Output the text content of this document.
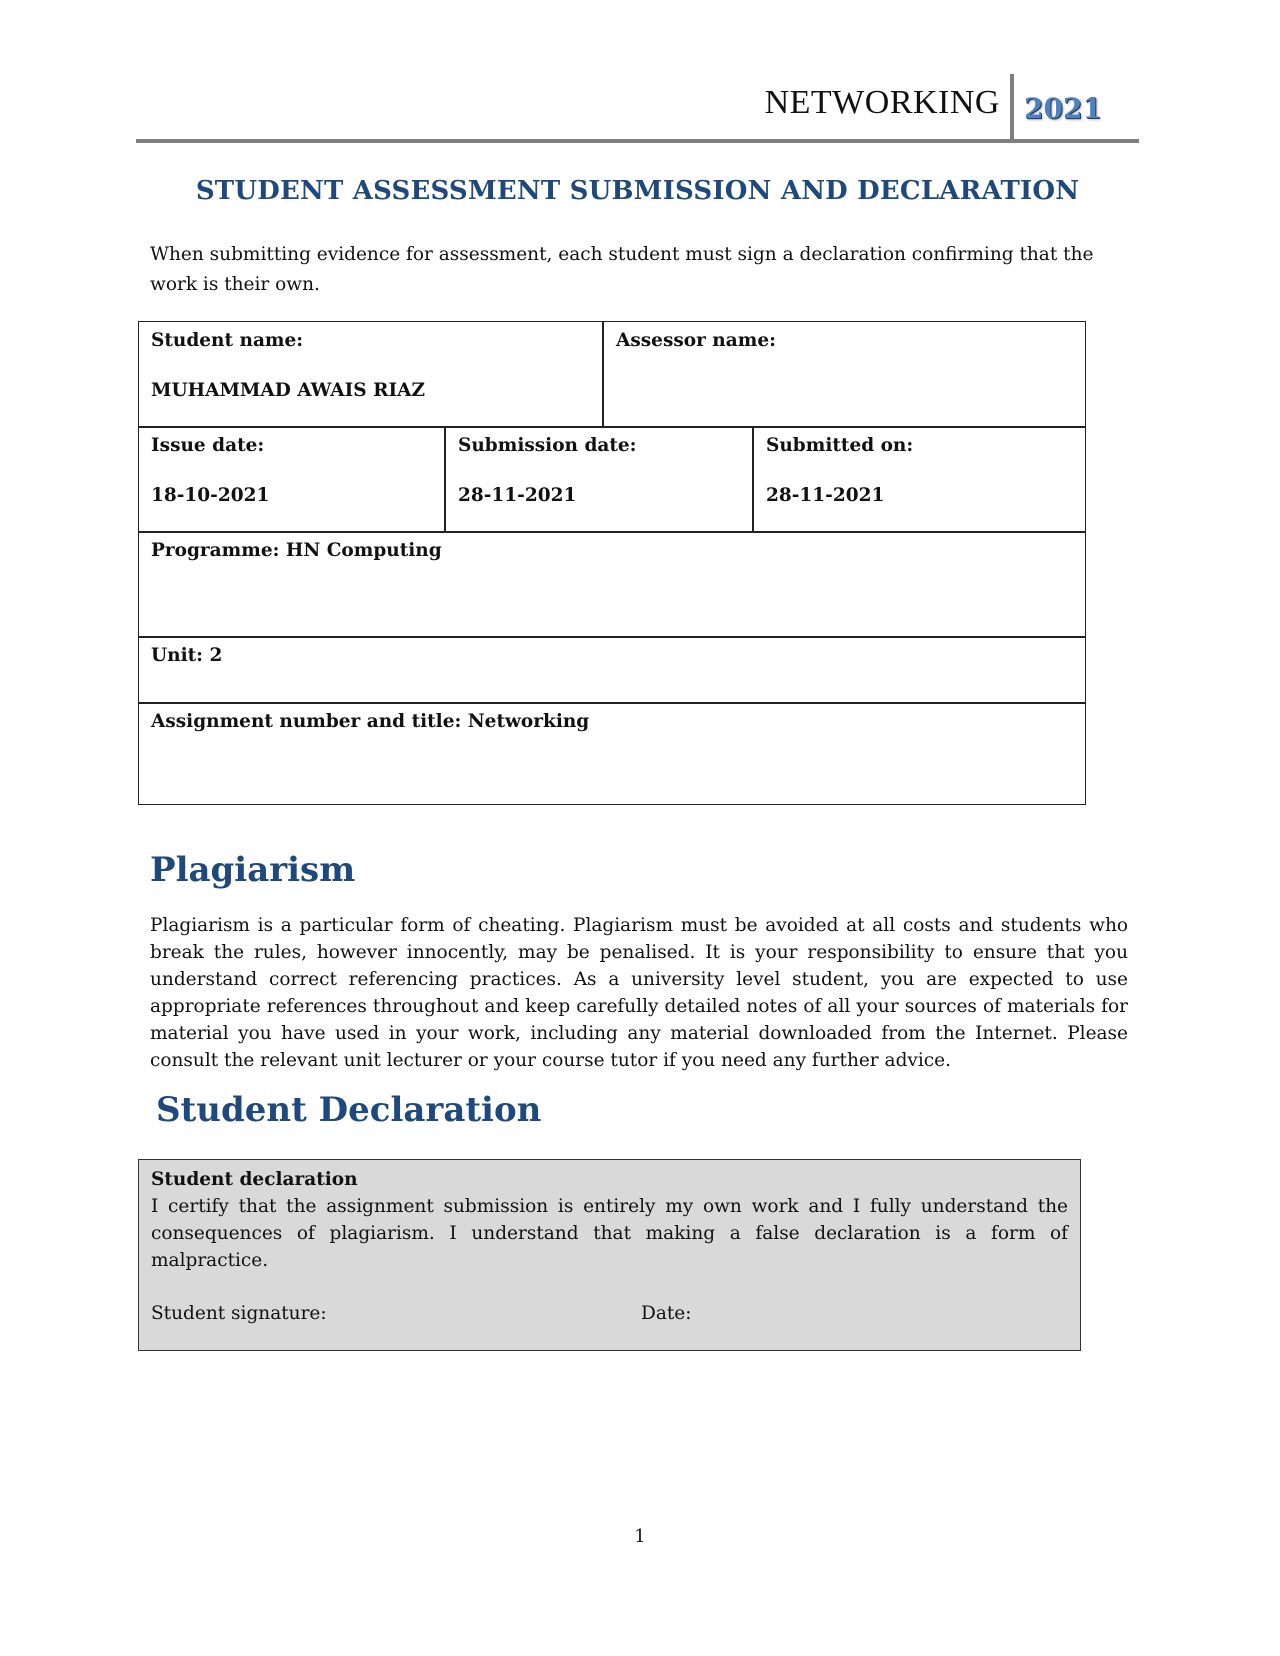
NETWORKING 2021
STUDENT ASSESSMENT SUBMISSION AND DECLARATION
When submitting evidence for assessment, each student must sign a declaration confirming that the work is their own.
Student name:
MUHAMMAD AWAIS RIAZ
Assessor name:
Issue date:
18-10-2021
Submission date:
28-11-2021
Submitted on:
28-11-2021
Programme: HN Computing
Unit: 2
Assignment number and title: Networking
Plagiarism
Plagiarism is a particular form of cheating. Plagiarism must be avoided at all costs and students who break the rules, however innocently, may be penalised. It is your responsibility to ensure that you understand correct referencing practices. As a university level student, you are expected to use appropriate references throughout and keep carefully detailed notes of all your sources of materials for material you have used in your work, including any material downloaded from the Internet. Please consult the relevant unit lecturer or your course tutor if you need any further advice.
Student Declaration
Student declaration
I certify that the assignment submission is entirely my own work and I fully understand the consequences of plagiarism. I understand that making a false declaration is a form of malpractice.
Student signature:	Date:
1
